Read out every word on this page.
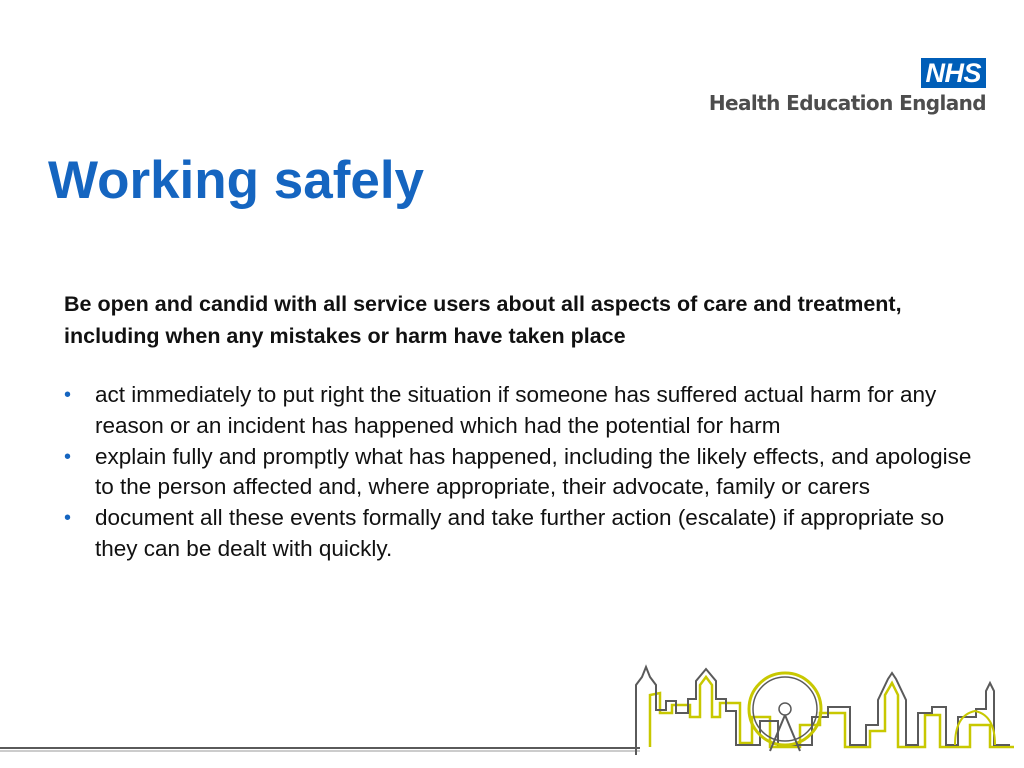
NHS
Health Education England
Working safely

Be open and candid with all service users about all aspects of care and treatment, including when any mistakes or harm have taken place

• act immediately to put right the situation if someone has suffered actual harm for any reason or an incident has happened which had the potential for harm
• explain fully and promptly what has happened, including the likely effects, and apologise to the person affected and, where appropriate, their advocate, family or carers
• document all these events formally and take further action (escalate) if appropriate so they can be dealt with quickly.
